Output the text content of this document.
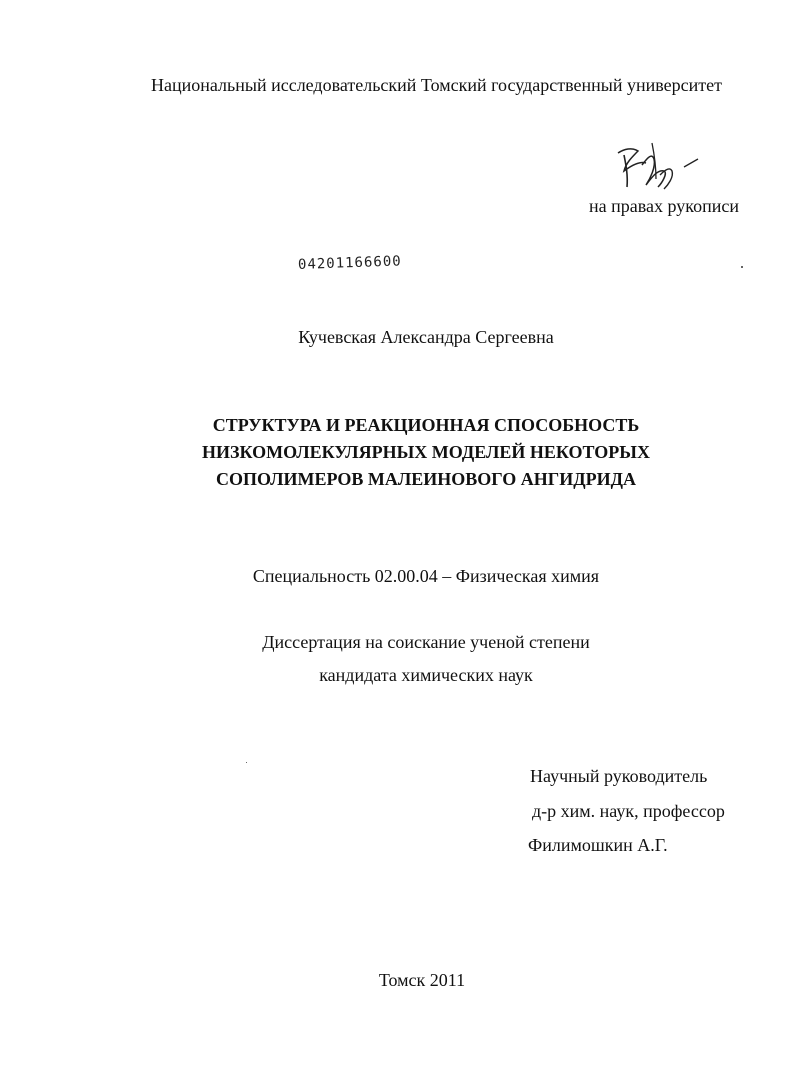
Национальный исследовательский Томский государственный университет
на правах рукописи
04201166600
Кучевская Александра Сергеевна
СТРУКТУРА И РЕАКЦИОННАЯ СПОСОБНОСТЬ
НИЗКОМОЛЕКУЛЯРНЫХ МОДЕЛЕЙ НЕКОТОРЫХ
СОПОЛИМЕРОВ МАЛЕИНОВОГО АНГИДРИДА
Специальность 02.00.04 – Физическая химия
Диссертация на соискание ученой степени
кандидата химических наук
Научный руководитель
д-р хим. наук, профессор
Филимошкин А.Г.
Томск 2011
